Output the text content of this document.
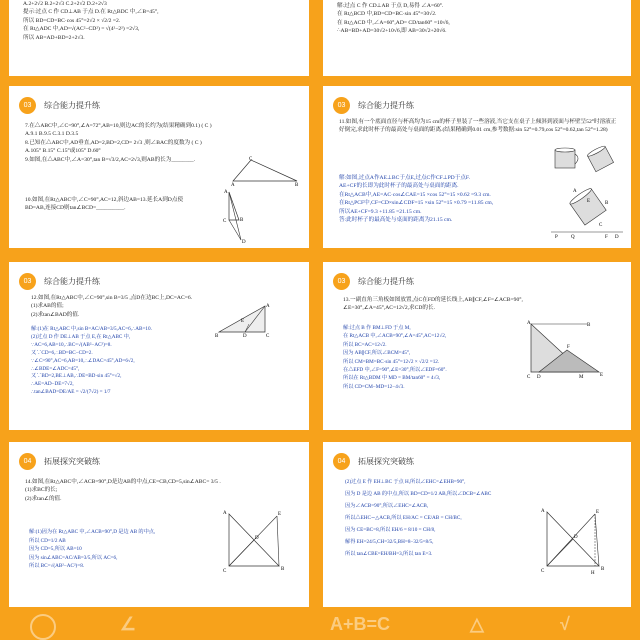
A.2+2√2 B.2+2√3 C.2+2√2 D.2+2√3

提示:过点 C 作 CD⊥AB 于点 D.在 Rt△BDC 中,∠B=45°,

所以 BD=CD=BC·cos 45°=2√2 × √2/2 =2.

在 Rt△ADC 中,AD=√(AC²−CD²) = √(4²−2²) =2√3,

所以 AB=AD+BD=2+2√3.

解:过点 C 作 CD⊥AB 于点 D,易得 ∠A=60°.

在 Rt△BCD 中,BD=CD=BC·sin 45°=30√2.

在 Rt△ACD 中,∠A=60°,AD= CD/tan60° =10√6,

∴AB=BD+AD=30√2+10√6,即 AB=30√2+20√6.

03	综合能力提升练

7.在△ABC中,∠C=90°,∠A=72°,AB=10,则边AC的长约为(结果精确到0.1) ( C )

A.9.1 B.9.5 C.3.1 D.3.5

8.已知在△ABC中,AD垂直,AD=2,BD=2,CD= 2√3 ,则∠BAC的度数为 ( C )

A.105° B.15° C.15°或105° D.60°

9.如图,在△ABC中,∠A=30°,tan B=√3/2,AC=2√3,则AB的长为________.

10.如图,在Rt△ABC中,∠C=90°,AC=12,斜边AB=13.延长A到D点使

BD=AB,连接CD则tan∠BCD=__________.

C
A	B
A
C	B
D
03	综合能力提升练

11.如图,有一个底面直径与杯高均为15 cm的杯子里装了一些溶液,当它支在桌子上倾斜到液面与杯壁呈52°时溶液正好倒完,求此时杯子的最高处与桌面的距离.(结果精确到0.01 cm,参考数据:sin 52°=0.79,cos 52°=0.62,tan 52°=1.28)

解:如图,过点A作AE⊥BC于点E,过点C作CF⊥PD于点F.

AE+CF的长即为此时杯子的最高处与桌面的距离.

在Rt△ACB中,AE=AC·cos∠CAE=15 ×cos 52°=15 ×0.62 =9.3 cm.

在Rt△PCF中,CF=CD×sin∠CDF=15 ×sin 52°=15 ×0.79 =11.85 cm,

所以AE+CF=9.3 +11.85 =21.15 cm.

答:此时杯子的最高处与桌面的距离为21.15 cm.

A
B
C
D
E
F
P	Q
03	综合能力提升练

12.如图,在Rt△ABC中,∠C=90°,sin B=3/5 ,点D在边BC上,DC=AC=6.

(1)求AB的值;

(2)求tan∠BAD的值.

解:(1)在 Rt△ABC 中,sin B=AC/AB=3/5,AC=6,∴AB=10.

(2)过点 D 作 DE⊥AB 于点 E,在 Rt△ABC 中,

∵AC=6,AB=10,∴BC=√(AB²−AC²)=8.

又∵CD=6,∴BD=BC−CD=2.

∵∠C=90°,AC=6,AB=10,∴∠DAC=45°,AD=6√2,

∴∠BDE=∠ADC=45°,

又∵BD=2,BE⊥AB,∴DE=BD·sin 45°=√2,

∴AE=AD−DE=7√2,

∴tan∠BAD=DE/AE = √2/(7√2) = 1/7

A
E
B	D	C
03	综合能力提升练

13.一副直角三角板如图放置,点C在FD的延长线上,AB∥CF,∠F=∠ACB=90°,

∠E=30°,∠A=45°,AC=12√2,求CD的长.

解:过点 B 作 BM⊥FD 于点 M,

在 Rt△ACB 中,∠ACB=90°,∠A=45°,AC=12√2,

所以 BC=AC=12√2.

因为 AB∥CF,所以∠BCM=45°,

所以 CM=BM=BC·sin 45°=12√2 × √2/2 =12.

在△EFD 中,∠F=90°,∠E=30°,所以∠EDF=60°.

所以在 Rt△BDM 中 MD = BM/tan60° = 4√3,

所以 CD=CM−MD=12−4√3.

A	B
C D	E
F
M
04	拓展探究突破练

14.如图,在Rt△ABC中,∠ACB=90°,D是边AB的中点,CE=CB,CD=5,sin∠ABC= 3/5 .

(1)求BC的长;

(2)求tan∠的值.

解:(1)因为在 Rt△ABC 中,∠ACB=90°,D 是边 AB 的中点,

所以 CD=1/2 AB

因为 CD=5,所以 AB=10

因为 sin∠ABC=AC/AB=3/5,所以 AC=6,

所以 BC=√(AB²−AC²)=8.

A
B
C
D
E
04	拓展探究突破练

(2)过点 E 作 EH⊥BC 于点 H,所以∠EHC=∠EHB=90°,

因为 D 是边 AB 的中点,所以 BD=CD=1/2 AB,所以∠DCB=∠ABC

因为∠ACB=90°,所以∠EHC=∠ACB,

所以△EHC∽△ACB,所以 EH/AC = CE/AB = CH/BC,

因为 CE=BC=8,所以 EH/6 = 8/10 = CH/8,

解得 EH=24/5,CH=32/5,BH=8−32/5=8/5,

所以 tan∠CBE=EH/BH=3,所以 tan E=3.

A
B
C
D
E
H
A+B=C
∠	△	√
